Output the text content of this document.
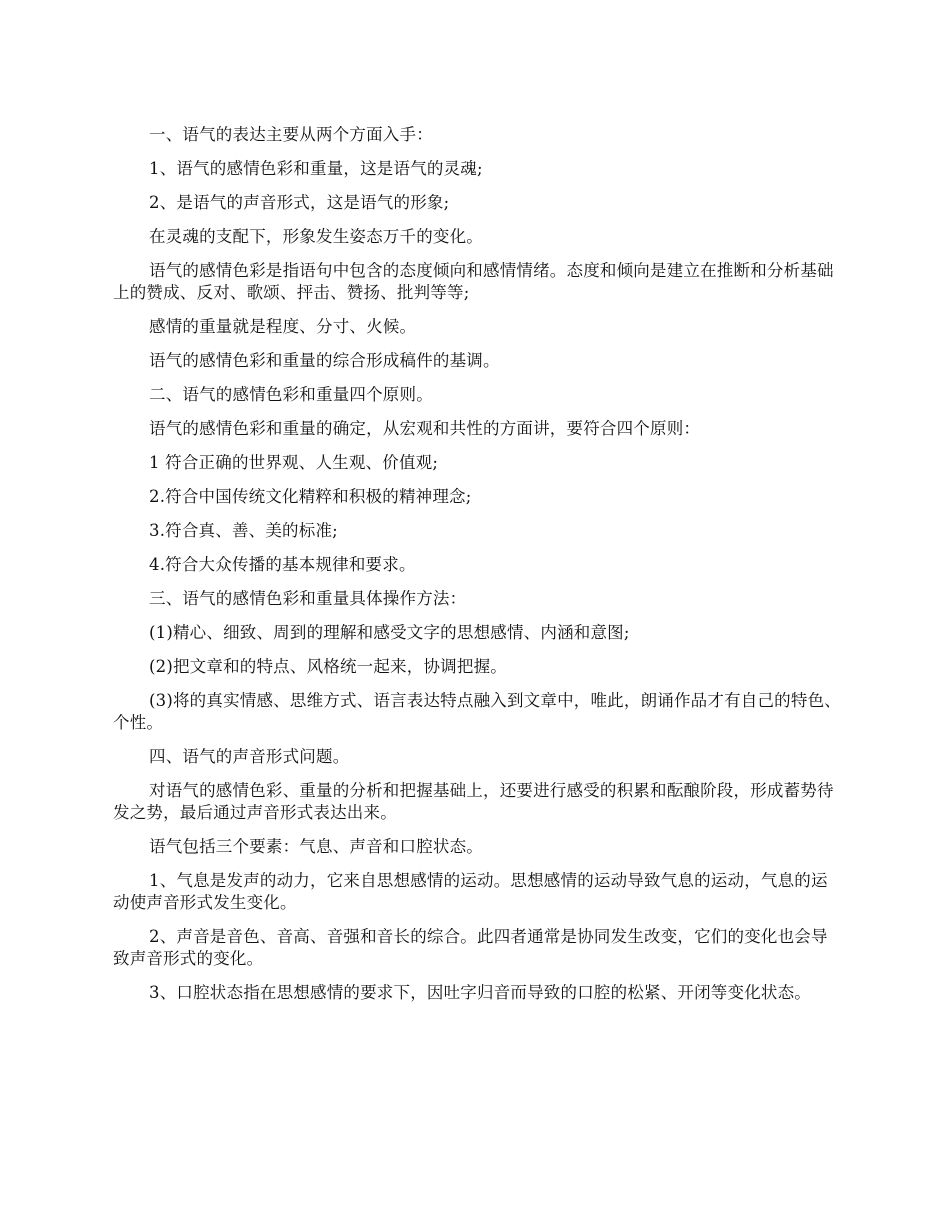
一、语气的表达主要从两个方面入手：

1、语气的感情色彩和重量，这是语气的灵魂;

2、是语气的声音形式，这是语气的形象;

在灵魂的支配下，形象发生姿态万千的变化。

语气的感情色彩是指语句中包含的态度倾向和感情情绪。态度和倾向是建立在推断和分析基础上的赞成、反对、歌颂、抨击、赞扬、批判等等;

感情的重量就是程度、分寸、火候。

语气的感情色彩和重量的综合形成稿件的基调。

二、语气的感情色彩和重量四个原则。

语气的感情色彩和重量的确定，从宏观和共性的方面讲，要符合四个原则：

1 符合正确的世界观、人生观、价值观;

2.符合中国传统文化精粹和积极的精神理念;

3.符合真、善、美的标准;

4.符合大众传播的基本规律和要求。

三、语气的感情色彩和重量具体操作方法：

(1)精心、细致、周到的理解和感受文字的思想感情、内涵和意图;

(2)把文章和的特点、风格统一起来，协调把握。

(3)将的真实情感、思维方式、语言表达特点融入到文章中，唯此，朗诵作品才有自己的特色、个性。

四、语气的声音形式问题。

对语气的感情色彩、重量的分析和把握基础上，还要进行感受的积累和酝酿阶段，形成蓄势待发之势，最后通过声音形式表达出来。

语气包括三个要素：气息、声音和口腔状态。

1、气息是发声的动力，它来自思想感情的运动。思想感情的运动导致气息的运动，气息的运动使声音形式发生变化。

2、声音是音色、音高、音强和音长的综合。此四者通常是协同发生改变，它们的变化也会导致声音形式的变化。

3、口腔状态指在思想感情的要求下，因吐字归音而导致的口腔的松紧、开闭等变化状态。
